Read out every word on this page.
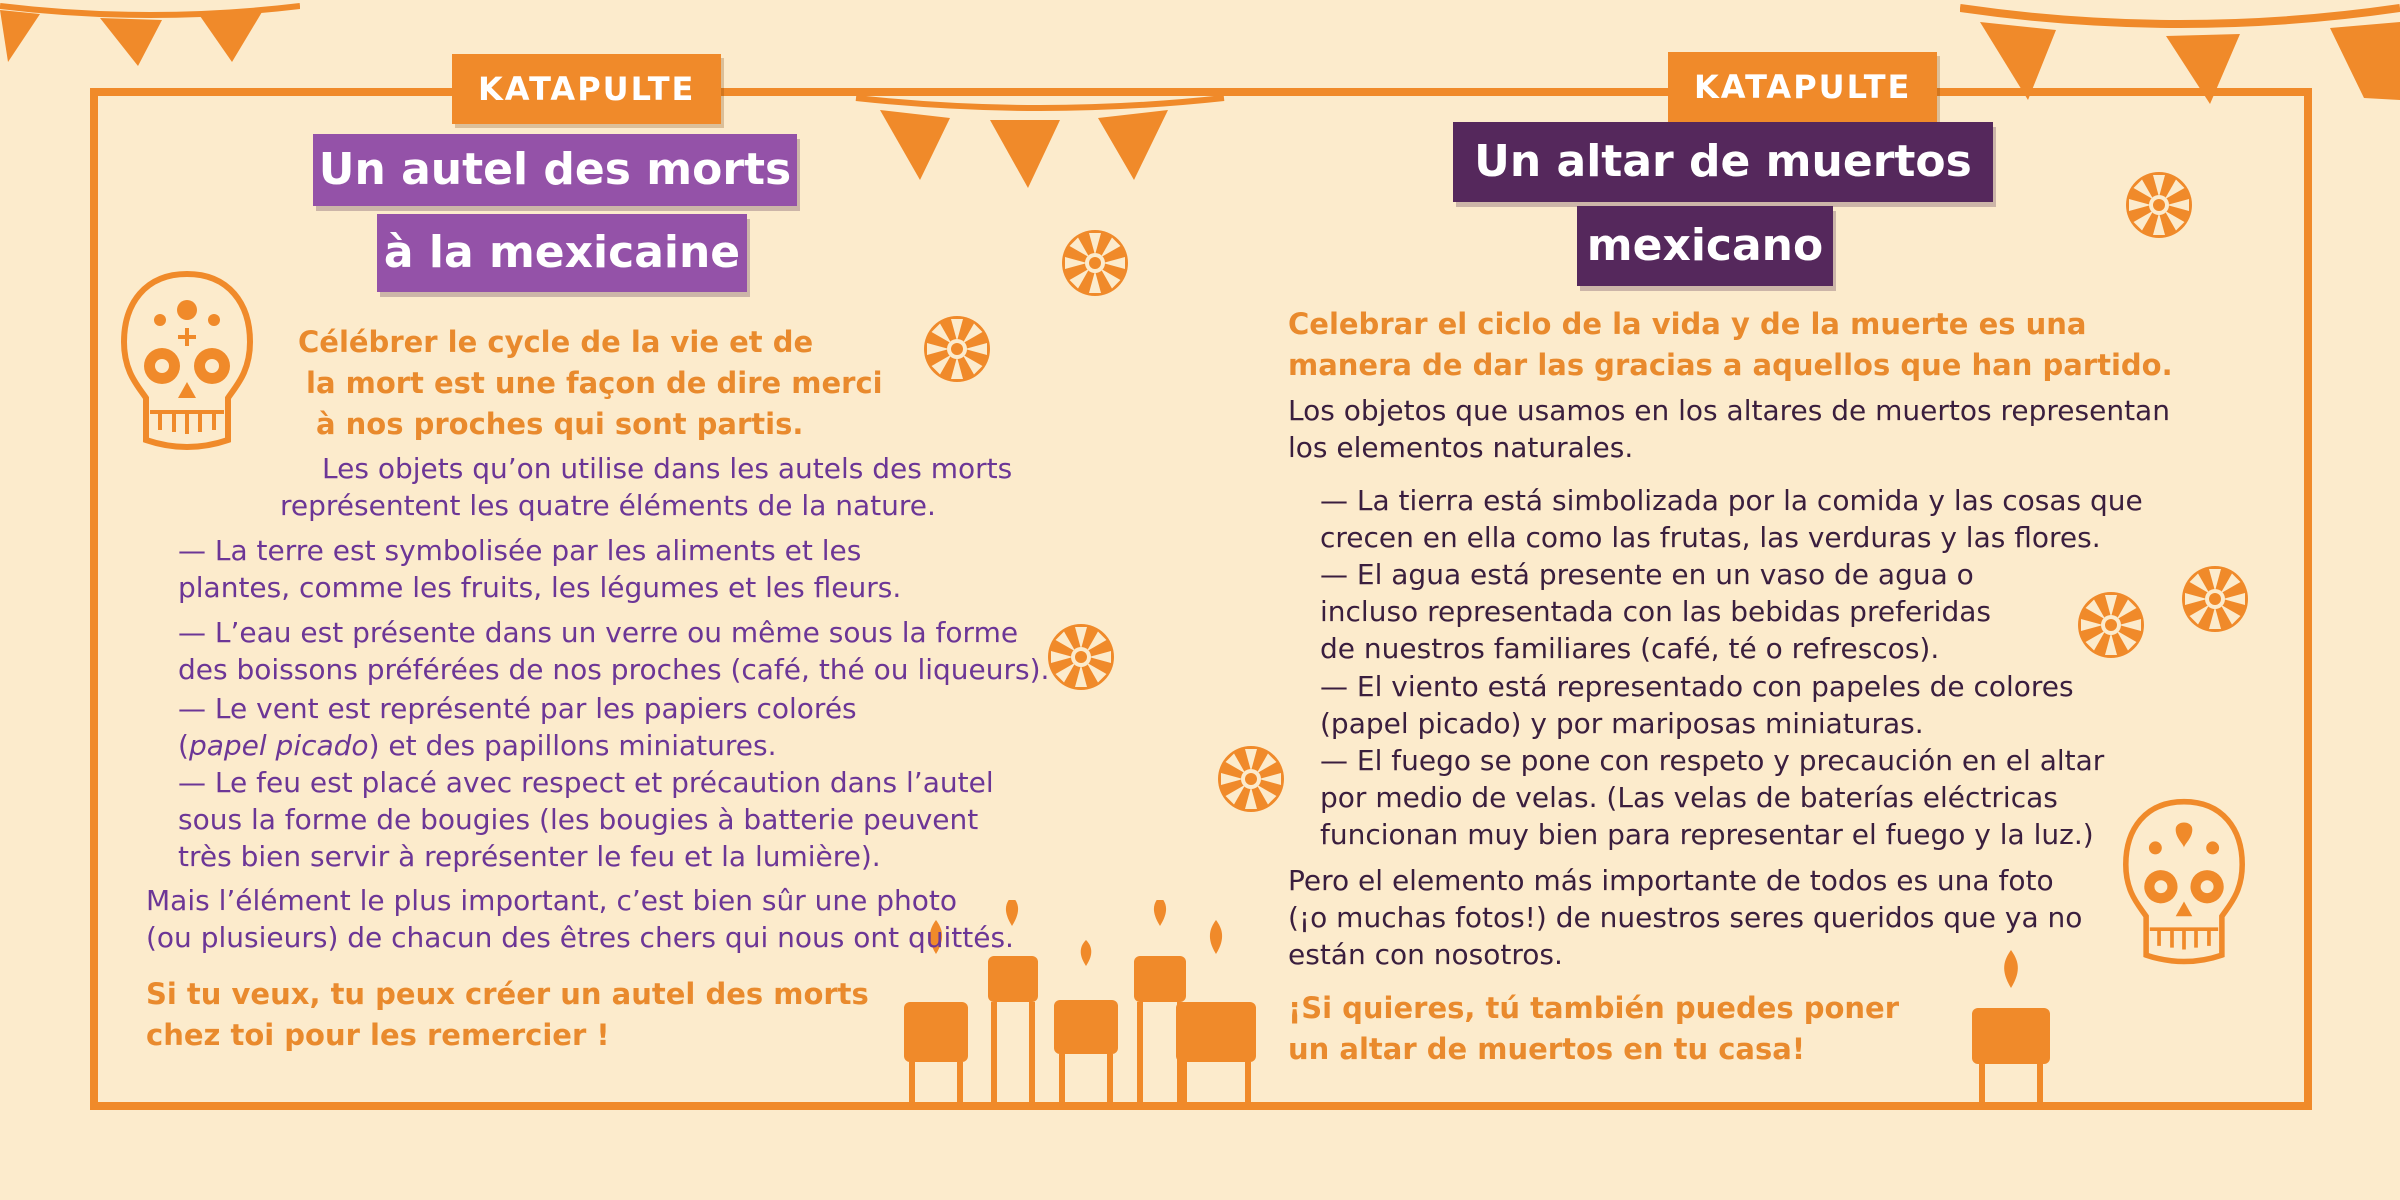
KATAPULTE
Un autel des morts
à la mexicaine

Célébrer le cycle de la vie et de

la mort est une façon de dire merci

à nos proches qui sont partis.

Les objets qu’on utilise dans les autels des morts

représentent les quatre éléments de la nature.

— La terre est symbolisée par les aliments et les

plantes, comme les fruits, les légumes et les fleurs.

— L’eau est présente dans un verre ou même sous la forme

des boissons préférées de nos proches (café, thé ou liqueurs).

— Le vent est représenté par les papiers colorés

(papel picado) et des papillons miniatures.

— Le feu est placé avec respect et précaution dans l’autel

sous la forme de bougies (les bougies à batterie peuvent

très bien servir à représenter le feu et la lumière).

Mais l’élément le plus important, c’est bien sûr une photo

(ou plusieurs) de chacun des êtres chers qui nous ont quittés.

Si tu veux, tu peux créer un autel des morts

chez toi pour les remercier !

KATAPULTE
Un altar de muertos
mexicano

Celebrar el ciclo de la vida y de la muerte es una

manera de dar las gracias a aquellos que han partido.

Los objetos que usamos en los altares de muertos representan

los elementos naturales.

— La tierra está simbolizada por la comida y las cosas que

crecen en ella como las frutas, las verduras y las flores.

— El agua está presente en un vaso de agua o

incluso representada con las bebidas preferidas

de nuestros familiares (café, té o refrescos).

— El viento está representado con papeles de colores

(papel picado) y por mariposas miniaturas.

— El fuego se pone con respeto y precaución en el altar

por medio de velas. (Las velas de baterías eléctricas

funcionan muy bien para representar el fuego y la luz.)

Pero el elemento más importante de todos es una foto

(¡o muchas fotos!) de nuestros seres queridos que ya no

están con nosotros.

¡Si quieres, tú también puedes poner

un altar de muertos en tu casa!
